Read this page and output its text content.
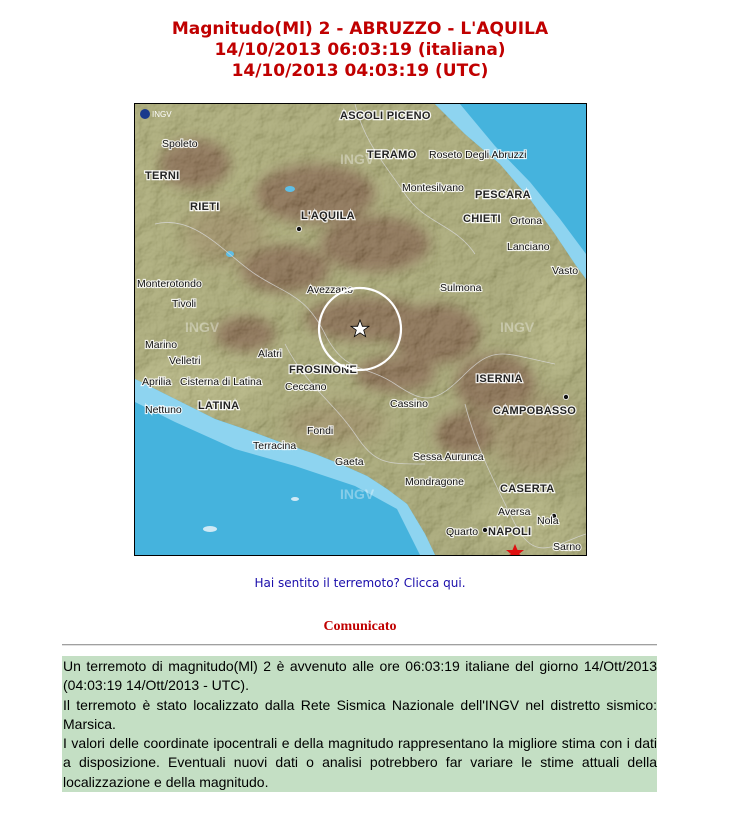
Magnitudo(Ml) 2 - ABRUZZO - L'AQUILA
14/10/2013 06:03:19 (italiana)
14/10/2013 04:03:19 (UTC)
INGV
INGV	INGV
INGV
INGV	ASCOLI PICENO
Spoleto
TERAMO Roseto Degli Abruzzi
TERNI
Montesilvano
PESCARA
RIETI
CHIETI Ortona
L'AQUILA
Lanciano
Vasto
Monterotondo	Avezzano	Sulmona
Tivoli
Marino
Alatri
Velletri
FROSINONE
Aprilia Cisterna di Latina Ceccano
ISERNIA
Nettuno LATINA	Cassino
CAMPOBASSO
Fondi
Terracina
Gaeta	Sessa Aurunca
Mondragone
CASERTA
Aversa
Nola
Quarto NAPOLI
Sarno
Hai sentito il terremoto? Clicca qui.
Comunicato

Un terremoto di magnitudo(Ml) 2 è avvenuto alle ore 06:03:19 italiane del giorno 14/Ott/2013 (04:03:19 14/Ott/2013 - UTC).

Il terremoto è stato localizzato dalla Rete Sismica Nazionale dell'INGV nel distretto sismico: Marsica.

I valori delle coordinate ipocentrali e della magnitudo rappresentano la migliore stima con i dati a disposizione. Eventuali nuovi dati o analisi potrebbero far variare le stime attuali della localizzazione e della magnitudo.
